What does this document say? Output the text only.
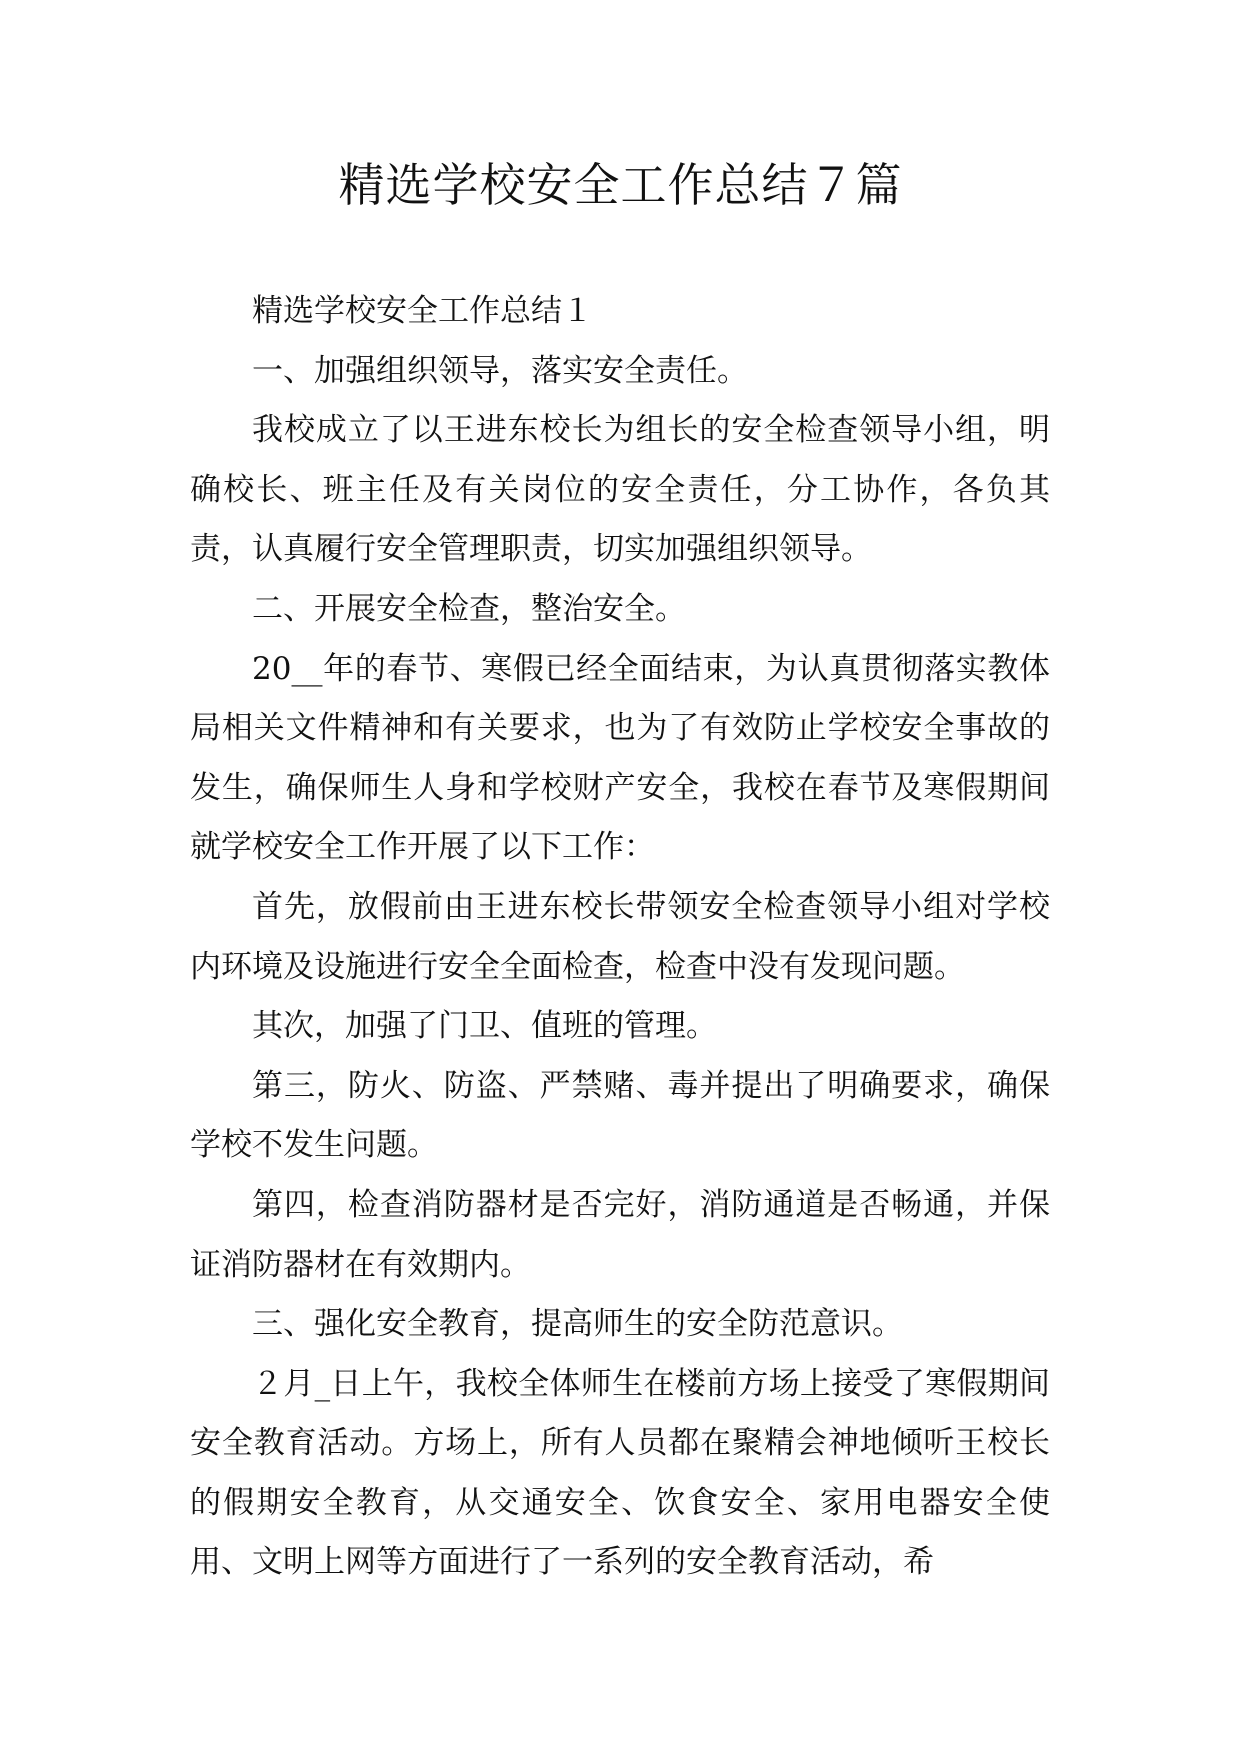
精选学校安全工作总结７篇

精选学校安全工作总结１

一、加强组织领导，落实安全责任。

我校成立了以王进东校长为组长的安全检查领导小组，明确校长、班主任及有关岗位的安全责任，分工协作，各负其责，认真履行安全管理职责，切实加强组织领导。

二、开展安全检查，整治安全。

20__年的春节、寒假已经全面结束，为认真贯彻落实教体局相关文件精神和有关要求，也为了有效防止学校安全事故的发生，确保师生人身和学校财产安全，我校在春节及寒假期间就学校安全工作开展了以下工作：

首先，放假前由王进东校长带领安全检查领导小组对学校内环境及设施进行安全全面检查，检查中没有发现问题。

其次，加强了门卫、值班的管理。

第三，防火、防盗、严禁赌、毒并提出了明确要求，确保学校不发生问题。

第四，检查消防器材是否完好，消防通道是否畅通，并保证消防器材在有效期内。

三、强化安全教育，提高师生的安全防范意识。

２月_日上午，我校全体师生在楼前方场上接受了寒假期间安全教育活动。方场上，所有人员都在聚精会神地倾听王校长的假期安全教育，从交通安全、饮食安全、家用电器安全使用、文明上网等方面进行了一系列的安全教育活动，希
